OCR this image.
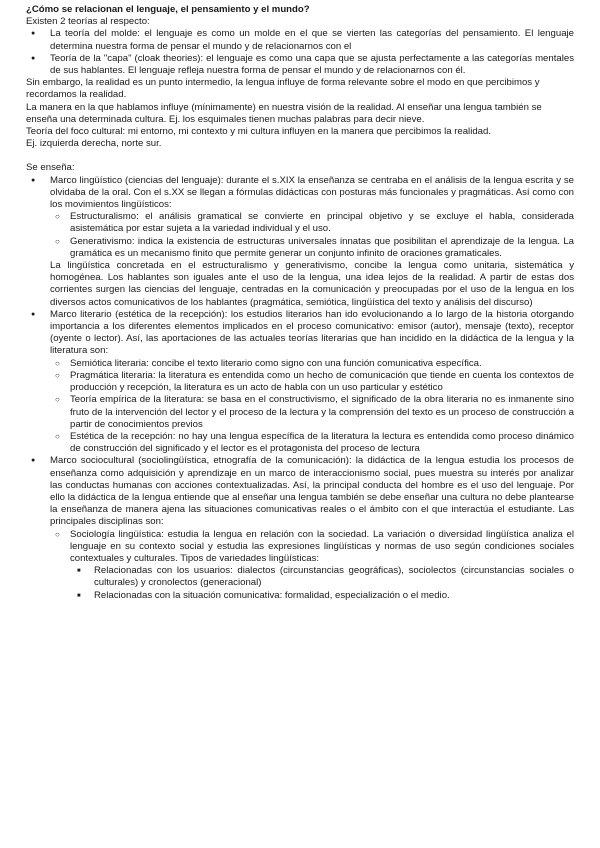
¿Cómo se relacionan el lenguaje, el pensamiento y el mundo?

Existen 2 teorías al respecto:

● La teoría del molde: el lenguaje es como un molde en el que se vierten las categorías del pensamiento. El lenguaje determina nuestra forma de pensar el mundo y de relacionarnos con el
● Teoría de la "capa" (cloak theories): el lenguaje es como una capa que se ajusta perfectamente a las categorías mentales de sus hablantes. El lenguaje refleja nuestra forma de pensar el mundo y de relacionarnos con él.

Sin embargo, la realidad es un punto intermedio, la lengua influye de forma relevante sobre el modo en que percibimos y recordamos la realidad.

La manera en la que hablamos influye (mínimamente) en nuestra visión de la realidad. Al enseñar una lengua también se enseña una determinada cultura. Ej. los esquimales tienen muchas palabras para decir nieve.

Teoría del foco cultural: mi entorno, mi contexto y mi cultura influyen en la manera que percibimos la realidad.

Ej. izquierda derecha, norte sur.

Se enseña:

● Marco lingüístico (ciencias del lenguaje): durante el s.XIX la enseñanza se centraba en el análisis de la lengua escrita y se olvidaba de la oral. Con el s.XX se llegan a fórmulas didácticas con posturas más funcionales y pragmáticas. Así como con los movimientos lingüísticos:

○ Estructuralismo: el análisis gramatical se convierte en principal objetivo y se excluye el habla, considerada asistemática por estar sujeta a la variedad individual y el uso.
○ Generativismo: indica la existencia de estructuras universales innatas que posibilitan el aprendizaje de la lengua. La gramática es un mecanismo finito que permite generar un conjunto infinito de oraciones gramaticales.

La lingüística concretada en el estructuralismo y generativismo, concibe la lengua como unitaria, sistemática y homogénea. Los hablantes son iguales ante el uso de la lengua, una idea lejos de la realidad. A partir de estas dos corrientes surgen las ciencias del lenguaje, centradas en la comunicación y preocupadas por el uso de la lengua en los diversos actos comunicativos de los hablantes (pragmática, semiótica, lingüística del texto y análisis del discurso)

● Marco literario (estética de la recepción): los estudios literarios han ido evolucionando a lo largo de la historia otorgando importancia a los diferentes elementos implicados en el proceso comunicativo: emisor (autor), mensaje (texto), receptor (oyente o lector). Así, las aportaciones de las actuales teorías literarias que han incidido en la didáctica de la lengua y la literatura son:

○ Semiótica literaria: concibe el texto literario como signo con una función comunicativa específica.
○ Pragmática literaria: la literatura es entendida como un hecho de comunicación que tiende en cuenta los contextos de producción y recepción, la literatura es un acto de habla con un uso particular y estético
○ Teoría empírica de la literatura: se basa en el constructivismo, el significado de la obra literaria no es inmanente sino fruto de la intervención del lector y el proceso de la lectura y la comprensión del texto es un proceso de construcción a partir de conocimientos previos
○ Estética de la recepción: no hay una lengua específica de la literatura la lectura es entendida como proceso dinámico de construcción del significado y el lector es el protagonista del proceso de lectura

● Marco sociocultural (sociolingüística, etnografía de la comunicación): la didáctica de la lengua estudia los procesos de enseñanza como adquisición y aprendizaje en un marco de interaccionismo social, pues muestra su interés por analizar las conductas humanas con acciones contextualizadas. Así, la principal conducta del hombre es el uso del lenguaje. Por ello la didáctica de la lengua entiende que al enseñar una lengua también se debe enseñar una cultura no debe plantearse la enseñanza de manera ajena las situaciones comunicativas reales o el ámbito con el que interactúa el estudiante. Las principales disciplinas son:

○ Sociología lingüística: estudia la lengua en relación con la sociedad. La variación o diversidad lingüística analiza el lenguaje en su contexto social y estudia las expresiones lingüísticas y normas de uso según condiciones sociales contextuales y culturales. Tipos de variedades lingüísticas:

■ Relacionadas con los usuarios: dialectos (circunstancias geográficas), sociolectos (circunstancias sociales o culturales) y cronolectos (generacional)
■ Relacionadas con la situación comunicativa: formalidad, especialización o el medio.
